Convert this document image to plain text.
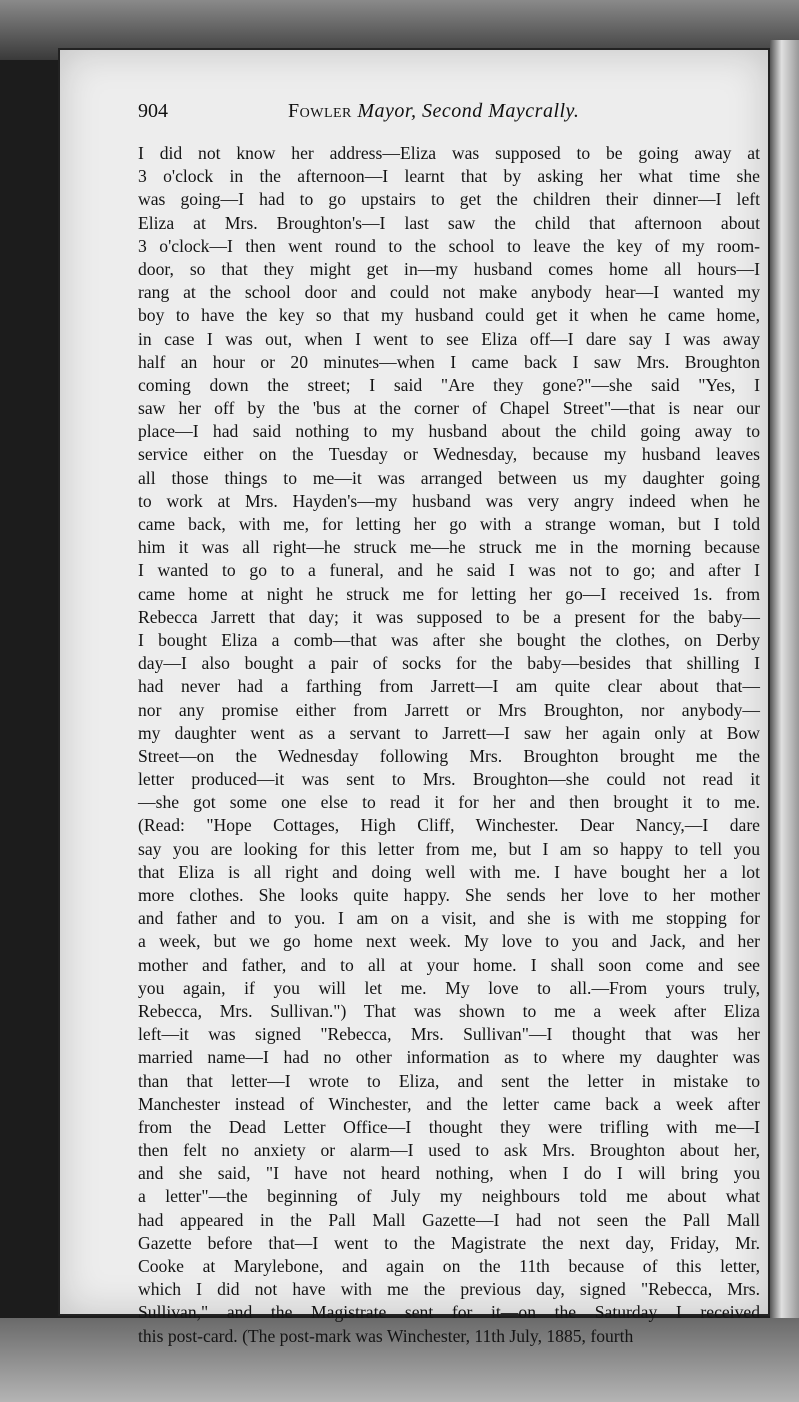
904	Fowler Mayor, Second Maycrally.
I did not know her address—Eliza was supposed to be going away at
3 o'clock in the afternoon—I learnt that by asking her what time she
was going—I had to go upstairs to get the children their dinner—I left
Eliza at Mrs. Broughton's—I last saw the child that afternoon about
3 o'clock—I then went round to the school to leave the key of my room-
door, so that they might get in—my husband comes home all hours—I
rang at the school door and could not make anybody hear—I wanted my
boy to have the key so that my husband could get it when he came home,
in case I was out, when I went to see Eliza off—I dare say I was away
half an hour or 20 minutes—when I came back I saw Mrs. Broughton
coming down the street; I said "Are they gone?"—she said "Yes, I
saw her off by the 'bus at the corner of Chapel Street"—that is near our
place—I had said nothing to my husband about the child going away to
service either on the Tuesday or Wednesday, because my husband leaves
all those things to me—it was arranged between us my daughter going
to work at Mrs. Hayden's—my husband was very angry indeed when he
came back, with me, for letting her go with a strange woman, but I told
him it was all right—he struck me—he struck me in the morning because
I wanted to go to a funeral, and he said I was not to go; and after I
came home at night he struck me for letting her go—I received 1s. from
Rebecca Jarrett that day; it was supposed to be a present for the baby—
I bought Eliza a comb—that was after she bought the clothes, on Derby
day—I also bought a pair of socks for the baby—besides that shilling I
had never had a farthing from Jarrett—I am quite clear about that—
nor any promise either from Jarrett or Mrs Broughton, nor anybody—
my daughter went as a servant to Jarrett—I saw her again only at Bow
Street—on the Wednesday following Mrs. Broughton brought me the
letter produced—it was sent to Mrs. Broughton—she could not read it
—she got some one else to read it for her and then brought it to me.
(Read: "Hope Cottages, High Cliff, Winchester. Dear Nancy,—I dare
say you are looking for this letter from me, but I am so happy to tell you
that Eliza is all right and doing well with me. I have bought her a lot
more clothes. She looks quite happy. She sends her love to her mother
and father and to you. I am on a visit, and she is with me stopping for
a week, but we go home next week. My love to you and Jack, and her
mother and father, and to all at your home. I shall soon come and see
you again, if you will let me. My love to all.—From yours truly,
Rebecca, Mrs. Sullivan.") That was shown to me a week after Eliza
left—it was signed "Rebecca, Mrs. Sullivan"—I thought that was her
married name—I had no other information as to where my daughter was
than that letter—I wrote to Eliza, and sent the letter in mistake to
Manchester instead of Winchester, and the letter came back a week after
from the Dead Letter Office—I thought they were trifling with me—I
then felt no anxiety or alarm—I used to ask Mrs. Broughton about her,
and she said, "I have not heard nothing, when I do I will bring you
a letter"—the beginning of July my neighbours told me about what
had appeared in the Pall Mall Gazette—I had not seen the Pall Mall
Gazette before that—I went to the Magistrate the next day, Friday, Mr.
Cooke at Marylebone, and again on the 11th because of this letter,
which I did not have with me the previous day, signed "Rebecca, Mrs.
Sullivan," and the Magistrate sent for it—on the Saturday I received
this post-card. (The post-mark was Winchester, 11th July, 1885, fourth
